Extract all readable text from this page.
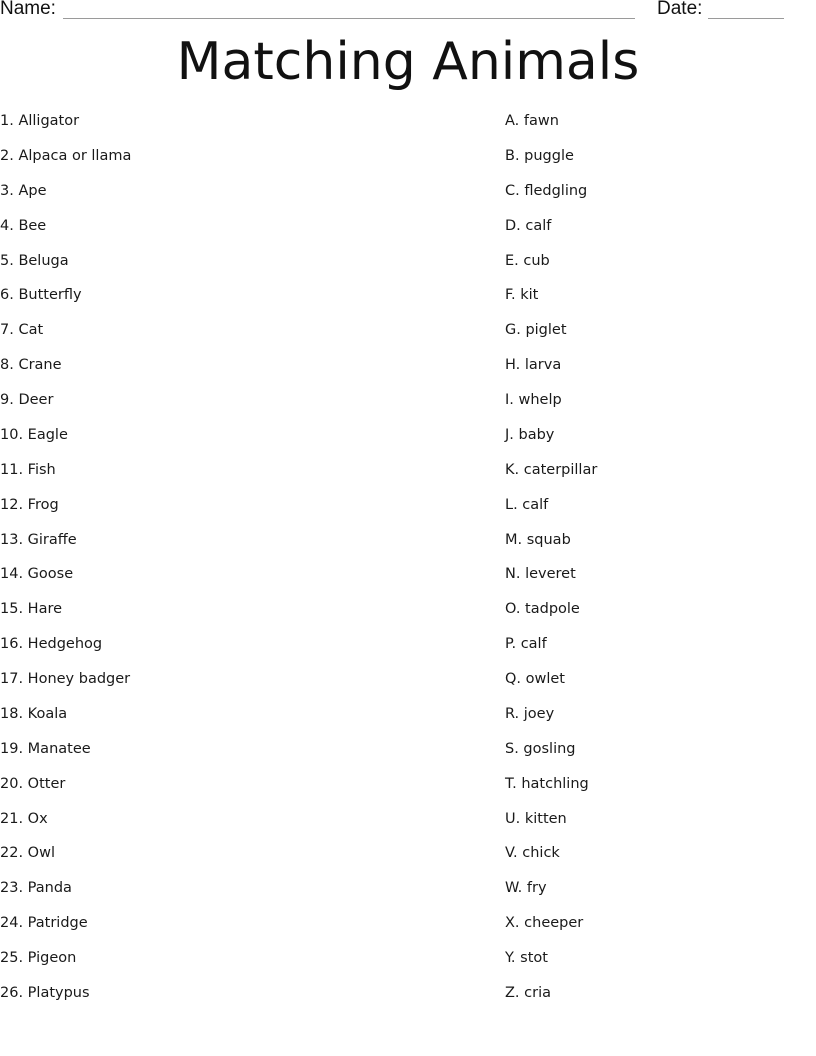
Name:	Date:
Matching Animals
1. Alligator
2. Alpaca or llama
3. Ape
4. Bee
5. Beluga
6. Butterfly
7. Cat
8. Crane
9. Deer
10. Eagle
11. Fish
12. Frog
13. Giraffe
14. Goose
15. Hare
16. Hedgehog
17. Honey badger
18. Koala
19. Manatee
20. Otter
21. Ox
22. Owl
23. Panda
24. Patridge
25. Pigeon
26. Platypus
A. fawn
B. puggle
C. fledgling
D. calf
E. cub
F. kit
G. piglet
H. larva
I. whelp
J. baby
K. caterpillar
L. calf
M. squab
N. leveret
O. tadpole
P. calf
Q. owlet
R. joey
S. gosling
T. hatchling
U. kitten
V. chick
W. fry
X. cheeper
Y. stot
Z. cria
